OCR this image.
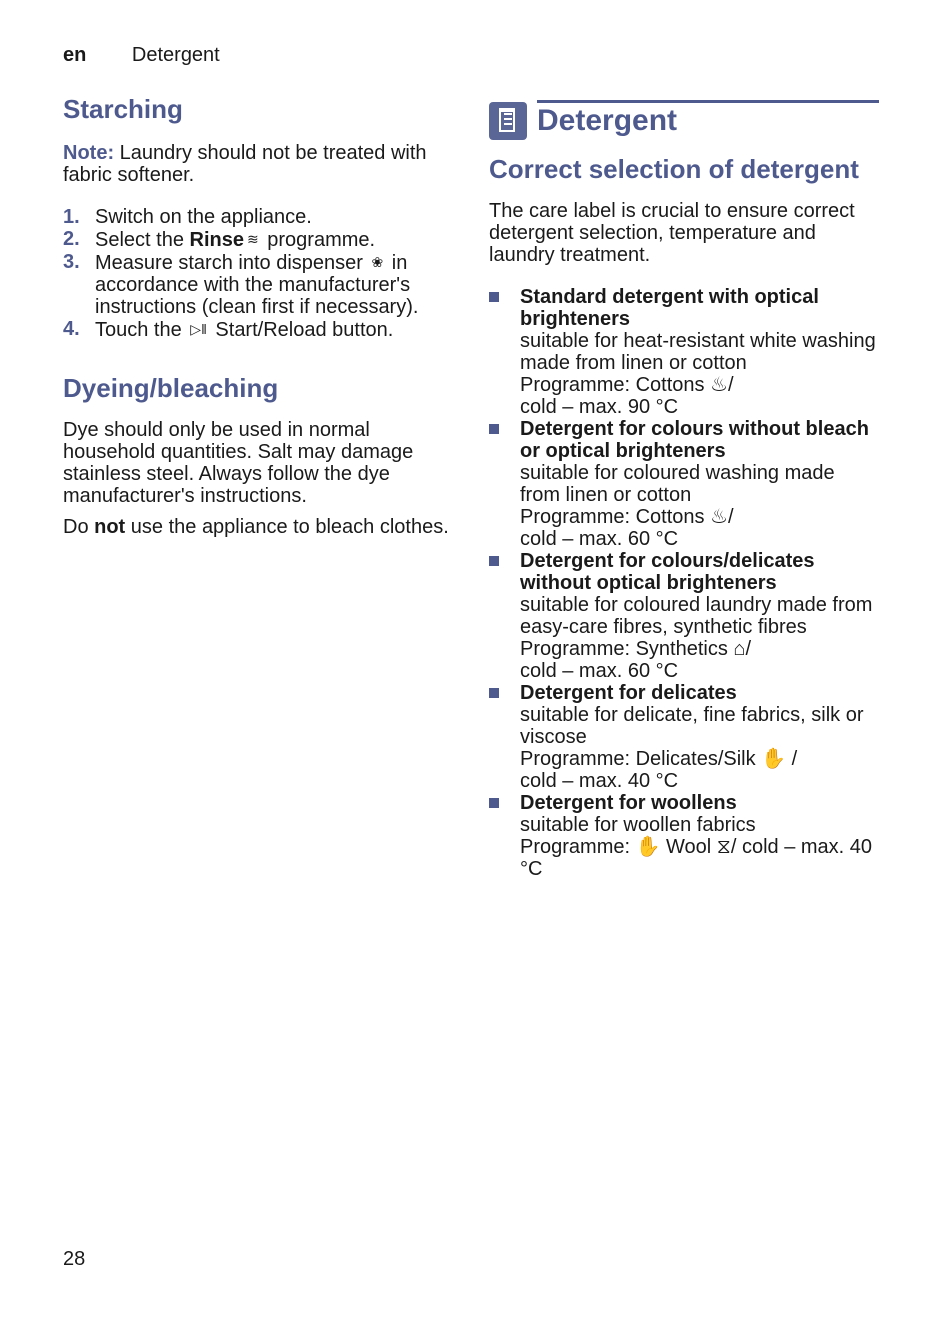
en Detergent
Starching

Note: Laundry should not be treated with fabric softener.

1. Switch on the appliance.
2. Select the Rinse ≋ programme.
3. Measure starch into dispenser ❀ in accordance with the manufacturer's instructions (clean first if necessary).
4. Touch the ▷‖ Start/Reload button.
Dyeing/bleaching

Dye should only be used in normal household quantities. Salt may damage stainless steel. Always follow the dye manufacturer's instructions.

Do not use the appliance to bleach clothes.

Detergent
Correct selection of detergent

The care label is crucial to ensure correct detergent selection, temperature and laundry treatment.

Standard detergent with optical brighteners
suitable for heat-resistant white washing made from linen or cotton
Programme: Cottons ♨/
cold – max. 90 °C
Detergent for colours without bleach or optical brighteners
suitable for coloured washing made from linen or cotton
Programme: Cottons ♨/
cold – max. 60 °C
Detergent for colours/delicates without optical brighteners
suitable for coloured laundry made from easy-care fibres, synthetic fibres
Programme: Synthetics ⌂/
cold – max. 60 °C
Detergent for delicates
suitable for delicate, fine fabrics, silk or viscose
Programme: Delicates/Silk ✋ /
cold – max. 40 °C
Detergent for woollens
suitable for woollen fabrics
Programme: ✋ Wool ⧖/ cold – max. 40 °C
28
